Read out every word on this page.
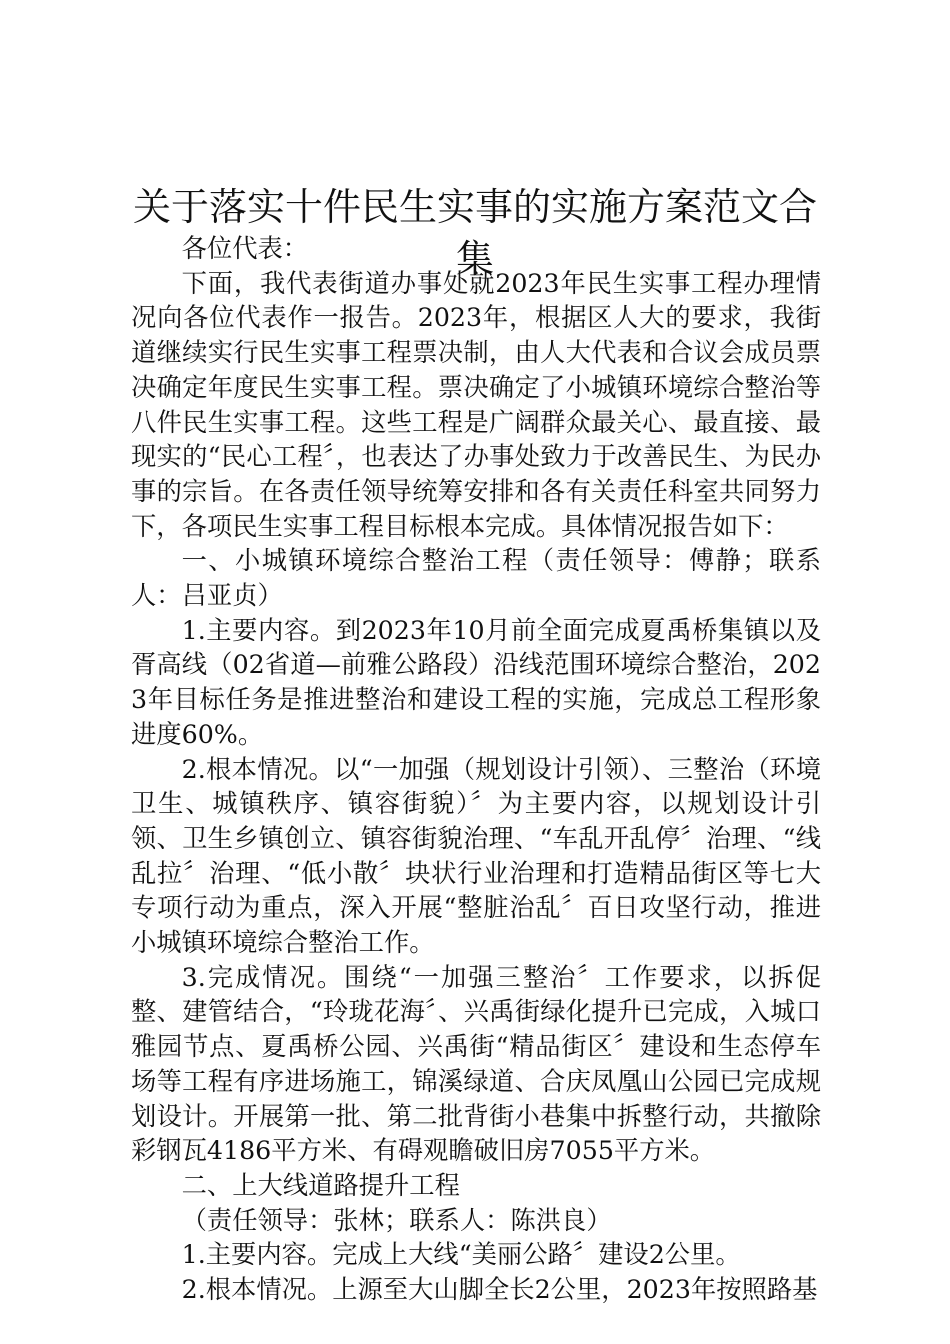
关于落实十件民生实事的实施方案范文合集

各位代表：

下面，我代表街道办事处就2023年民生实事工程办理情况向各位代表作一报告。2023年，根据区人大的要求，我街道继续实行民生实事工程票决制，由人大代表和合议会成员票决确定年度民生实事工程。票决确定了小城镇环境综合整治等八件民生实事工程。这些工程是广阔群众最关心、最直接、最现实的“民心工程〞，也表达了办事处致力于改善民生、为民办事的宗旨。在各责任领导统筹安排和各有关责任科室共同努力下，各项民生实事工程目标根本完成。具体情况报告如下：

一、小城镇环境综合整治工程（责任领导：傅静；联系人：吕亚贞）

1.主要内容。到2023年10月前全面完成夏禹桥集镇以及胥高线（02省道—前雅公路段）沿线范围环境综合整治，2023年目标任务是推进整治和建设工程的实施，完成总工程形象进度60%。

2.根本情况。以“一加强（规划设计引领）、三整治（环境卫生、城镇秩序、镇容街貌）〞为主要内容，以规划设计引领、卫生乡镇创立、镇容街貌治理、“车乱开乱停〞治理、“线乱拉〞治理、“低小散〞块状行业治理和打造精品街区等七大专项行动为重点，深入开展“整脏治乱〞百日攻坚行动，推进小城镇环境综合整治工作。

3.完成情况。围绕“一加强三整治〞工作要求，以拆促整、建管结合，“玲珑花海〞、兴禹街绿化提升已完成，入城口雅园节点、夏禹桥公园、兴禹街“精品街区〞建设和生态停车场等工程有序进场施工，锦溪绿道、合庆凤凰山公园已完成规划设计。开展第一批、第二批背街小巷集中拆整行动，共撤除彩钢瓦4186平方米、有碍观瞻破旧房7055平方米。

二、上大线道路提升工程

（责任领导：张林；联系人：陈洪良）

1.主要内容。完成上大线“美丽公路〞建设2公里。

2.根本情况。上源至大山脚全长2公里，2023年按照路基
